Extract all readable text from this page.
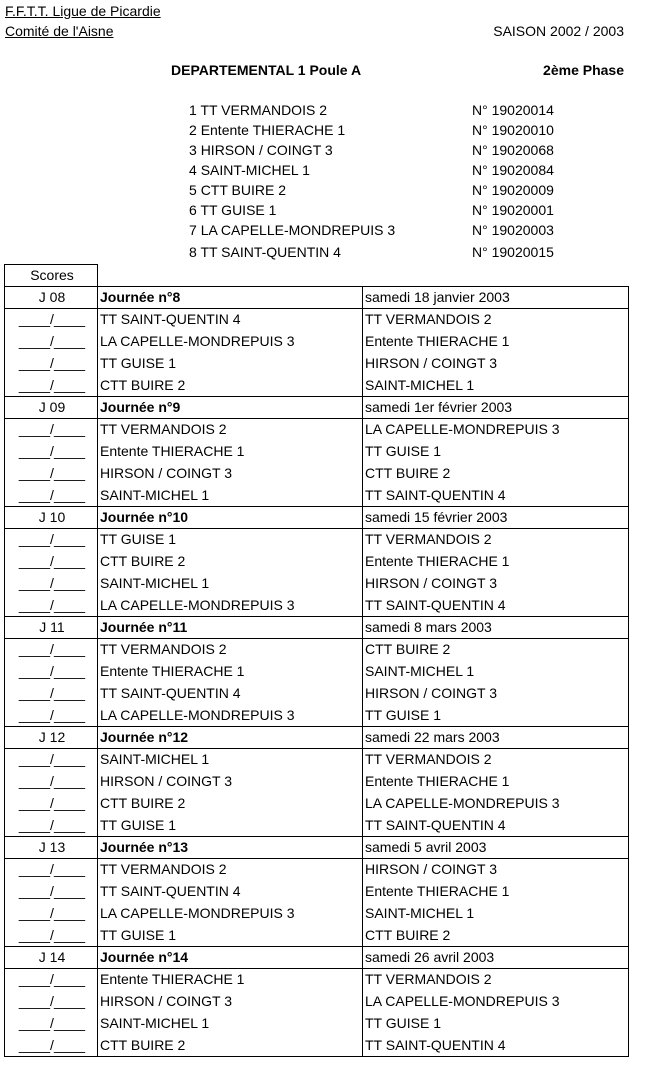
F.F.T.T. Ligue de Picardie
Comité de l'Aisne	SAISON 2002 / 2003
DEPARTEMENTAL 1 Poule A	2ème Phase
1 TT VERMANDOIS 2	N° 19020014
2 Entente THIERACHE 1	N° 19020010
3 HIRSON / COINGT 3	N° 19020068
4 SAINT-MICHEL 1	N° 19020084
5 CTT BUIRE 2	N° 19020009
6 TT GUISE 1	N° 19020001
7 LA CAPELLE-MONDREPUIS 3	N° 19020003
8 TT SAINT-QUENTIN 4	N° 19020015
Scores		
J 08	Journée n°8	samedi 18 janvier 2003
____/____	TT SAINT-QUENTIN 4	TT VERMANDOIS 2
____/____	LA CAPELLE-MONDREPUIS 3	Entente THIERACHE 1
____/____	TT GUISE 1	HIRSON / COINGT 3
____/____	CTT BUIRE 2	SAINT-MICHEL 1
J 09	Journée n°9	samedi 1er février 2003
____/____	TT VERMANDOIS 2	LA CAPELLE-MONDREPUIS 3
____/____	Entente THIERACHE 1	TT GUISE 1
____/____	HIRSON / COINGT 3	CTT BUIRE 2
____/____	SAINT-MICHEL 1	TT SAINT-QUENTIN 4
J 10	Journée n°10	samedi 15 février 2003
____/____	TT GUISE 1	TT VERMANDOIS 2
____/____	CTT BUIRE 2	Entente THIERACHE 1
____/____	SAINT-MICHEL 1	HIRSON / COINGT 3
____/____	LA CAPELLE-MONDREPUIS 3	TT SAINT-QUENTIN 4
J 11	Journée n°11	samedi 8 mars 2003
____/____	TT VERMANDOIS 2	CTT BUIRE 2
____/____	Entente THIERACHE 1	SAINT-MICHEL 1
____/____	TT SAINT-QUENTIN 4	HIRSON / COINGT 3
____/____	LA CAPELLE-MONDREPUIS 3	TT GUISE 1
J 12	Journée n°12	samedi 22 mars 2003
____/____	SAINT-MICHEL 1	TT VERMANDOIS 2
____/____	HIRSON / COINGT 3	Entente THIERACHE 1
____/____	CTT BUIRE 2	LA CAPELLE-MONDREPUIS 3
____/____	TT GUISE 1	TT SAINT-QUENTIN 4
J 13	Journée n°13	samedi 5 avril 2003
____/____	TT VERMANDOIS 2	HIRSON / COINGT 3
____/____	TT SAINT-QUENTIN 4	Entente THIERACHE 1
____/____	LA CAPELLE-MONDREPUIS 3	SAINT-MICHEL 1
____/____	TT GUISE 1	CTT BUIRE 2
J 14	Journée n°14	samedi 26 avril 2003
____/____	Entente THIERACHE 1	TT VERMANDOIS 2
____/____	HIRSON / COINGT 3	LA CAPELLE-MONDREPUIS 3
____/____	SAINT-MICHEL 1	TT GUISE 1
____/____	CTT BUIRE 2	TT SAINT-QUENTIN 4
